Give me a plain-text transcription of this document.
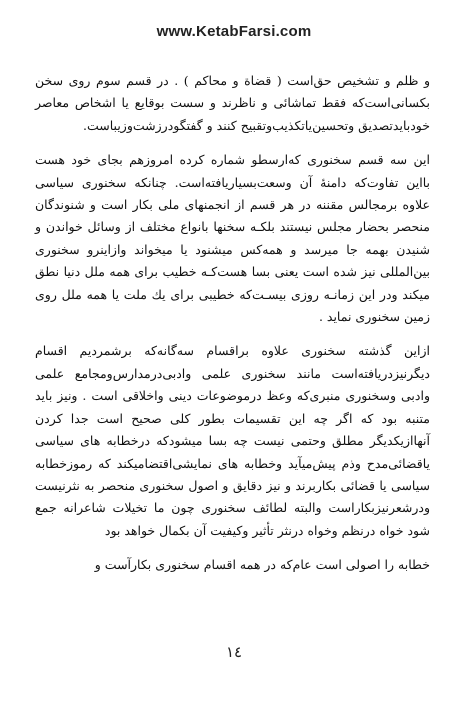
www.KetabFarsi.com

و ظلم و تشخیص حق‌است ( قضاة و محاکم ) . در قسم سوم روی سخن بکسانی‌است‌که فقط تماشائی و ناظرند و سست بوقایع یا اشخاص معاصر خودبایدتصدیق وتحسین‌یاتکذیب‌وتقبیح کنند و گفتگودرزشت‌وزیباست.

این سه قسم سخنوری که‌ارسطو شماره کرده امروزهم بجای خود هست بااین تفاوت‌که دامنهٔ آن وسعت‌بسیاریافته‌است. چنانکه سخنوری سیاسی علاوه برمجالس مقننه در هر قسم از انجمنهای ملی بکار است و شنوندگان منحصر بحضار مجلس نیستند بلکـه سخنها بانواع مختلف از وسائل خواندن و شنیدن بهمه جا میرسد و همه‌کس میشنود یا میخواند وازاینرو سخنوری بین‌المللی نیز شده است یعنی بسا هست‌کـه خطیب برای همه ملل دنیا نطق میکند ودر این زمانـه روزی بیسـت‌که خطیبی برای یك ملت یا همه ملل روی زمین سخنوری نماید .

ازاین گذشته سخنوری علاوه براقسام سه‌گانه‌که برشمردیم اقسام دیگرنیزدریافته‌است مانند سخنوری علمی وادبی‌درمدارس‌ومجامع علمی وادبی وسخنوری منبری‌که وعظ درموضوعات دینی واخلاقی است . ونیز باید متنبه بود که اگر چه این تقسیمات بطور کلی صحیح است جدا کردن آنهاازیکدیگر مطلق وحتمی نیست چه بسا میشودکه درخطابه های سیاسی یاقضائی‌مدح وذم پیش‌میآید وخطابه های نمایشی‌اقتضامیکند که رموزخطابه سیاسی یا قضائی بکاربرند و نیز دقایق و اصول سخنوری منحصر به نثرنیست ودرشعرنیزبکاراست والبته لطائف سخنوری چون ما تخیلات شاعرانه جمع شود خواه درنظم وخواه درنثر تأثیر وکیفیت آن بکمال خواهد بود

خطابه را اصولی است عام‌که در همه اقسام سخنوری بکارآست و

١٤
